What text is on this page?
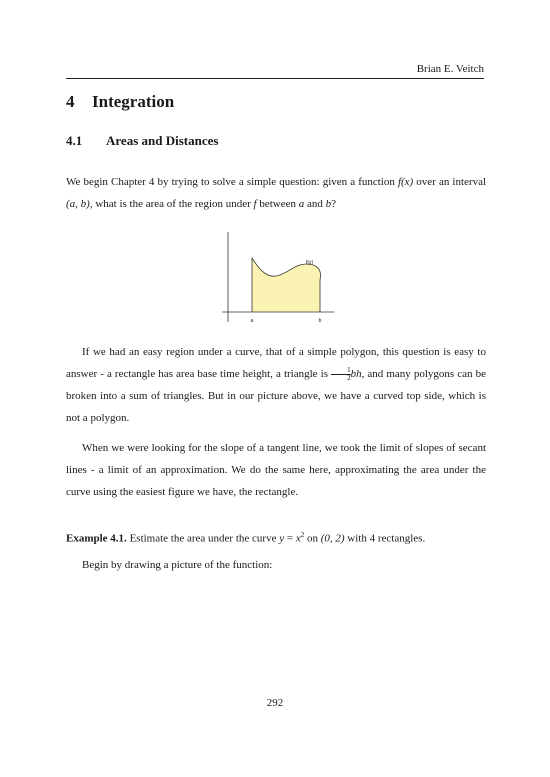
Brian E. Veitch
4 Integration
4.1 Areas and Distances

We begin Chapter 4 by trying to solve a simple question: given a function f(x) over an interval (a, b), what is the area of the region under f between a and b?

f(x)
a	b

If we had an easy region under a curve, that of a simple polygon, this question is easy to answer - a rectangle has area base time height, a triangle is $\frac{1}{2}$ bh, and many polygons can be broken into a sum of triangles. But in our picture above, we have a curved top side, which is not a polygon.

When we were looking for the slope of a tangent line, we took the limit of slopes of secant lines - a limit of an approximation. We do the same here, approximating the area under the curve using the easiest figure we have, the rectangle.

Example 4.1. Estimate the area under the curve $y = x^2$ on (0, 2) with 4 rectangles.

Begin by drawing a picture of the function:

292
